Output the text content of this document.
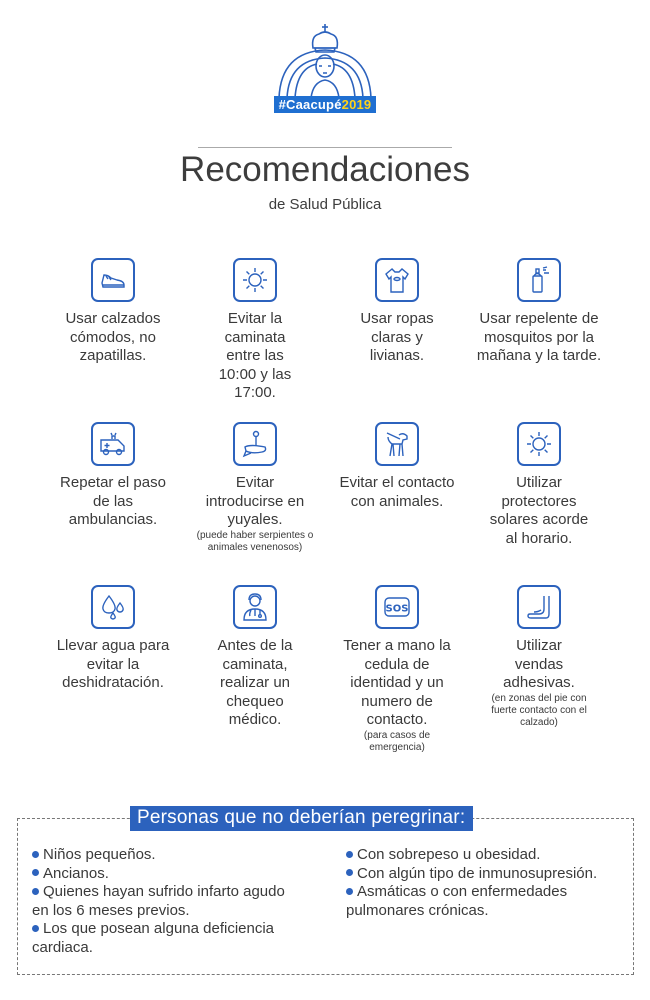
#Caacupé2019
Recomendaciones
de Salud Pública
Usar calzados cómodos, no zapatillas.
Evitar la caminata entre las 10:00 y las 17:00.
Usar ropas claras y livianas.
Usar repelente de mosquitos por la mañana y la tarde.
Repetar el paso de las ambulancias.
Evitar introducirse en yuyales.
(puede haber serpientes o animales venenosos)
Evitar el contacto con animales.
Utilizar protectores solares acorde al horario.
Llevar agua para evitar la deshidratación.
Antes de la caminata, realizar un chequeo médico.
SOS
Tener a mano la cedula de identidad y un numero de contacto.
(para casos de emergencia)
Utilizar vendas adhesivas.
(en zonas del pie con fuerte contacto con el calzado)
Personas que no deberían peregrinar:

Niños pequeños.

Ancianos.

Quienes hayan sufrido infarto agudo en los 6 meses previos.

Los que posean alguna deficiencia cardiaca.

Con sobrepeso u obesidad.

Con algún tipo de inmunosupresión.

Asmáticas o con enfermedades pulmonares crónicas.
